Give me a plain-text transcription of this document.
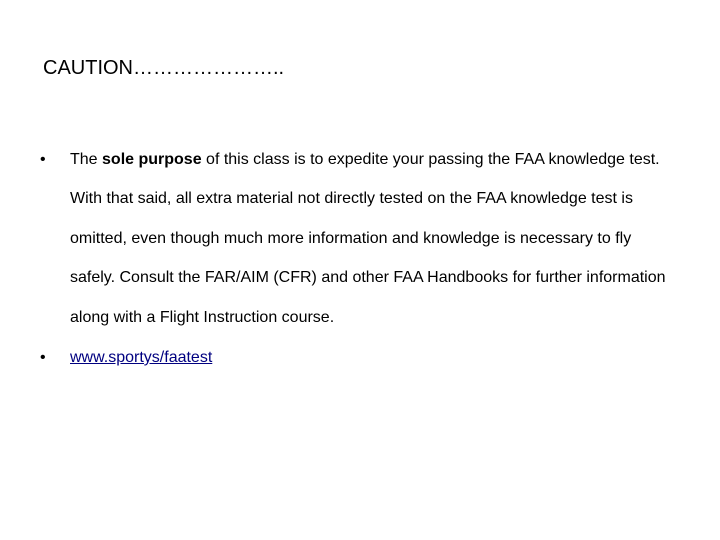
CAUTION…………………..
• The sole purpose of this class is to expedite your passing the FAA knowledge test. With that said, all extra material not directly tested on the FAA knowledge test is omitted, even though much more information and knowledge is necessary to fly safely. Consult the FAR/AIM (CFR) and other FAA Handbooks for further information along with a Flight Instruction course.
• www.sportys/faatest
